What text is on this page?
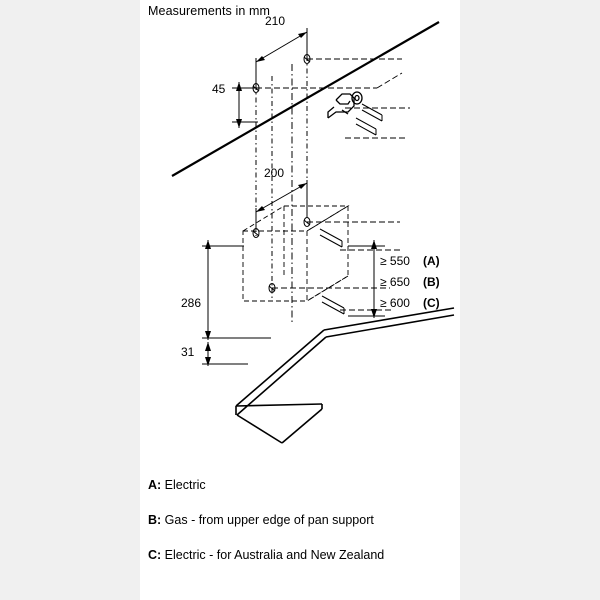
Measurements in mm
210
45
200
286
31
≥ 550 (A)
≥ 650 (B)
≥ 600 (C)
A: Electric
B: Gas - from upper edge of pan support
C: Electric - for Australia and New Zealand
